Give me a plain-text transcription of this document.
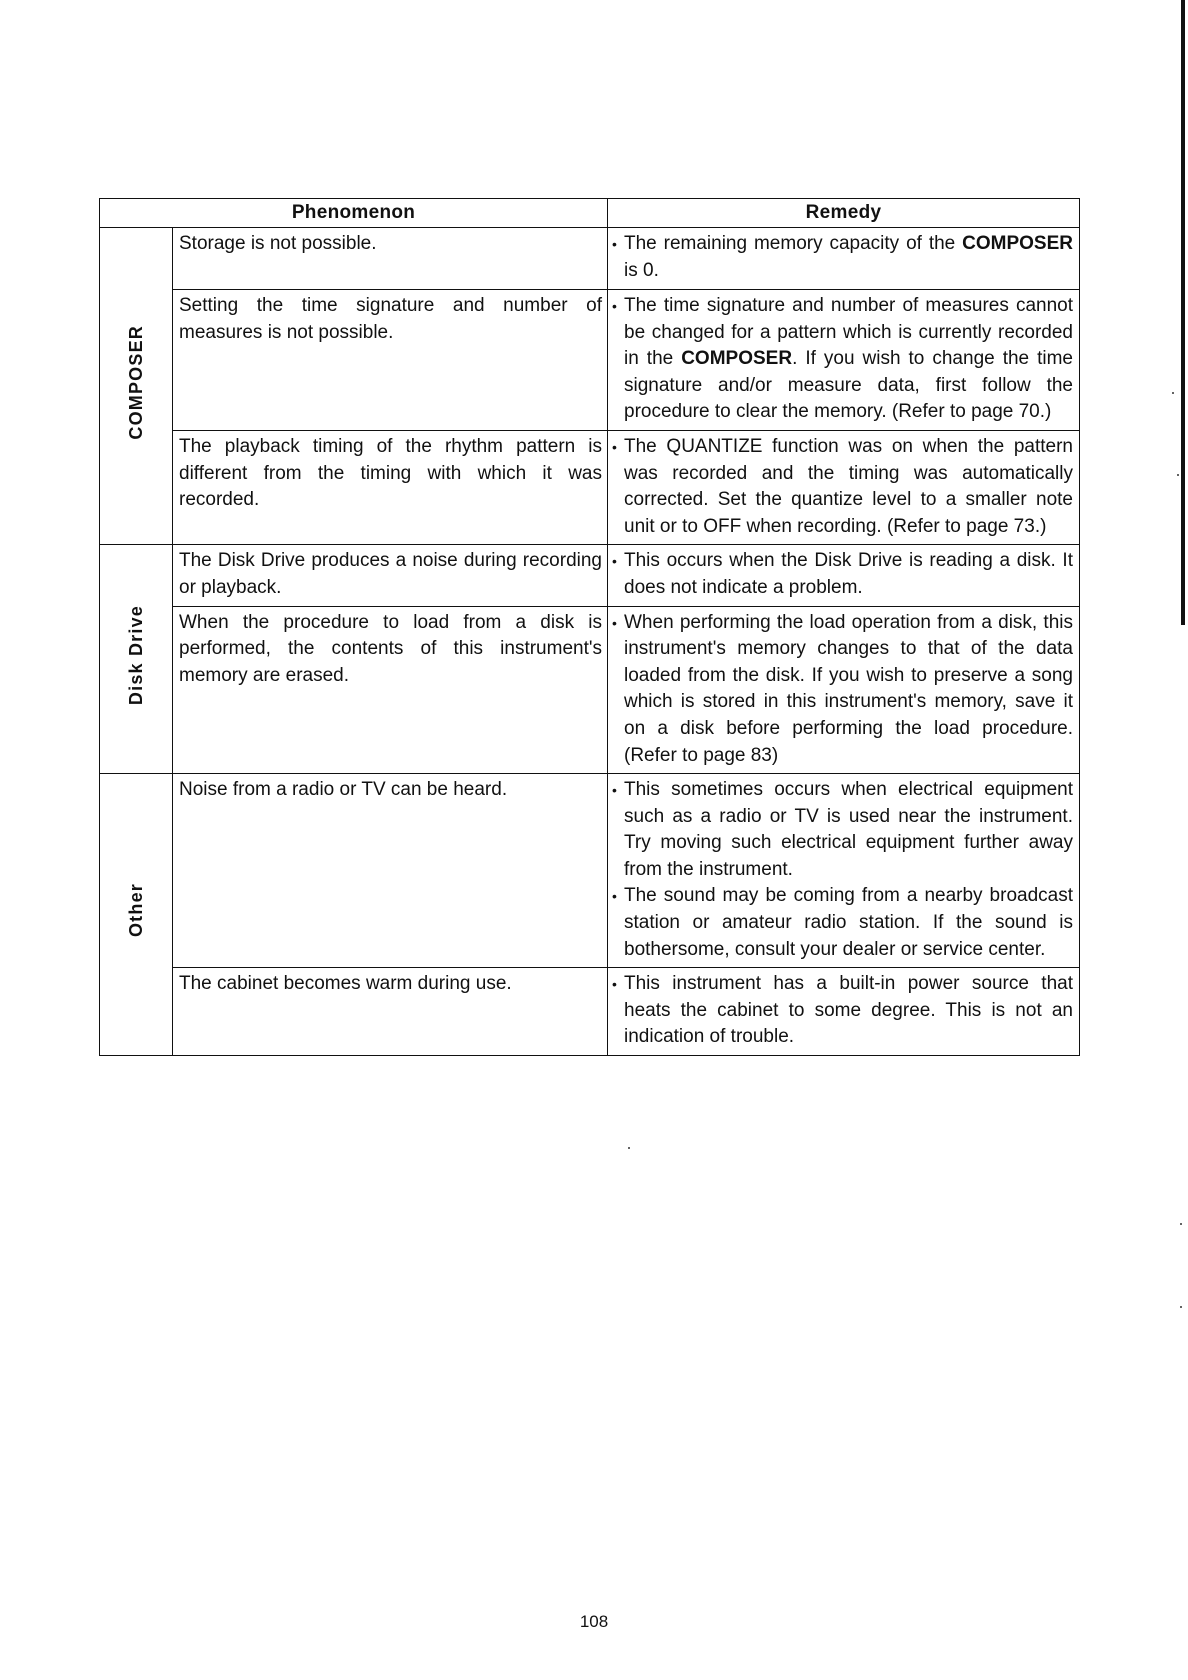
Phenomenon		Remedy
COMPOSER	Storage is not possible.	• The remaining memory capacity of the COMPOSER is 0.

	Setting the time signature and number of measures is not possible.	• The time signature and number of measures cannot be changed for a pattern which is currently recorded in the COMPOSER. If you wish to change the time signature and/or measure data, first follow the procedure to clear the memory. (Refer to page 70.)

	The playback timing of the rhythm pattern is different from the timing with which it was recorded.	• The QUANTIZE function was on when the pattern was recorded and the timing was automatically corrected. Set the quantize level to a smaller note unit or to OFF when recording. (Refer to page 73.)

Disk Drive	The Disk Drive produces a noise during recording or playback.	• This occurs when the Disk Drive is reading a disk. It does not indicate a problem.

	When the procedure to load from a disk is performed, the contents of this instrument's memory are erased.	• When performing the load operation from a disk, this instrument's memory changes to that of the data loaded from the disk. If you wish to preserve a song which is stored in this instrument's memory, save it on a disk before performing the load procedure. (Refer to page 83)

Other	Noise from a radio or TV can be heard.	• This sometimes occurs when electrical equipment such as a radio or TV is used near the instrument. Try moving such electrical equipment further away from the instrument.

• The sound may be coming from a nearby broadcast station or amateur radio station. If the sound is bothersome, consult your dealer or service center.

	The cabinet becomes warm during use.	• This instrument has a built-in power source that heats the cabinet to some degree. This is not an indication of trouble.

108
